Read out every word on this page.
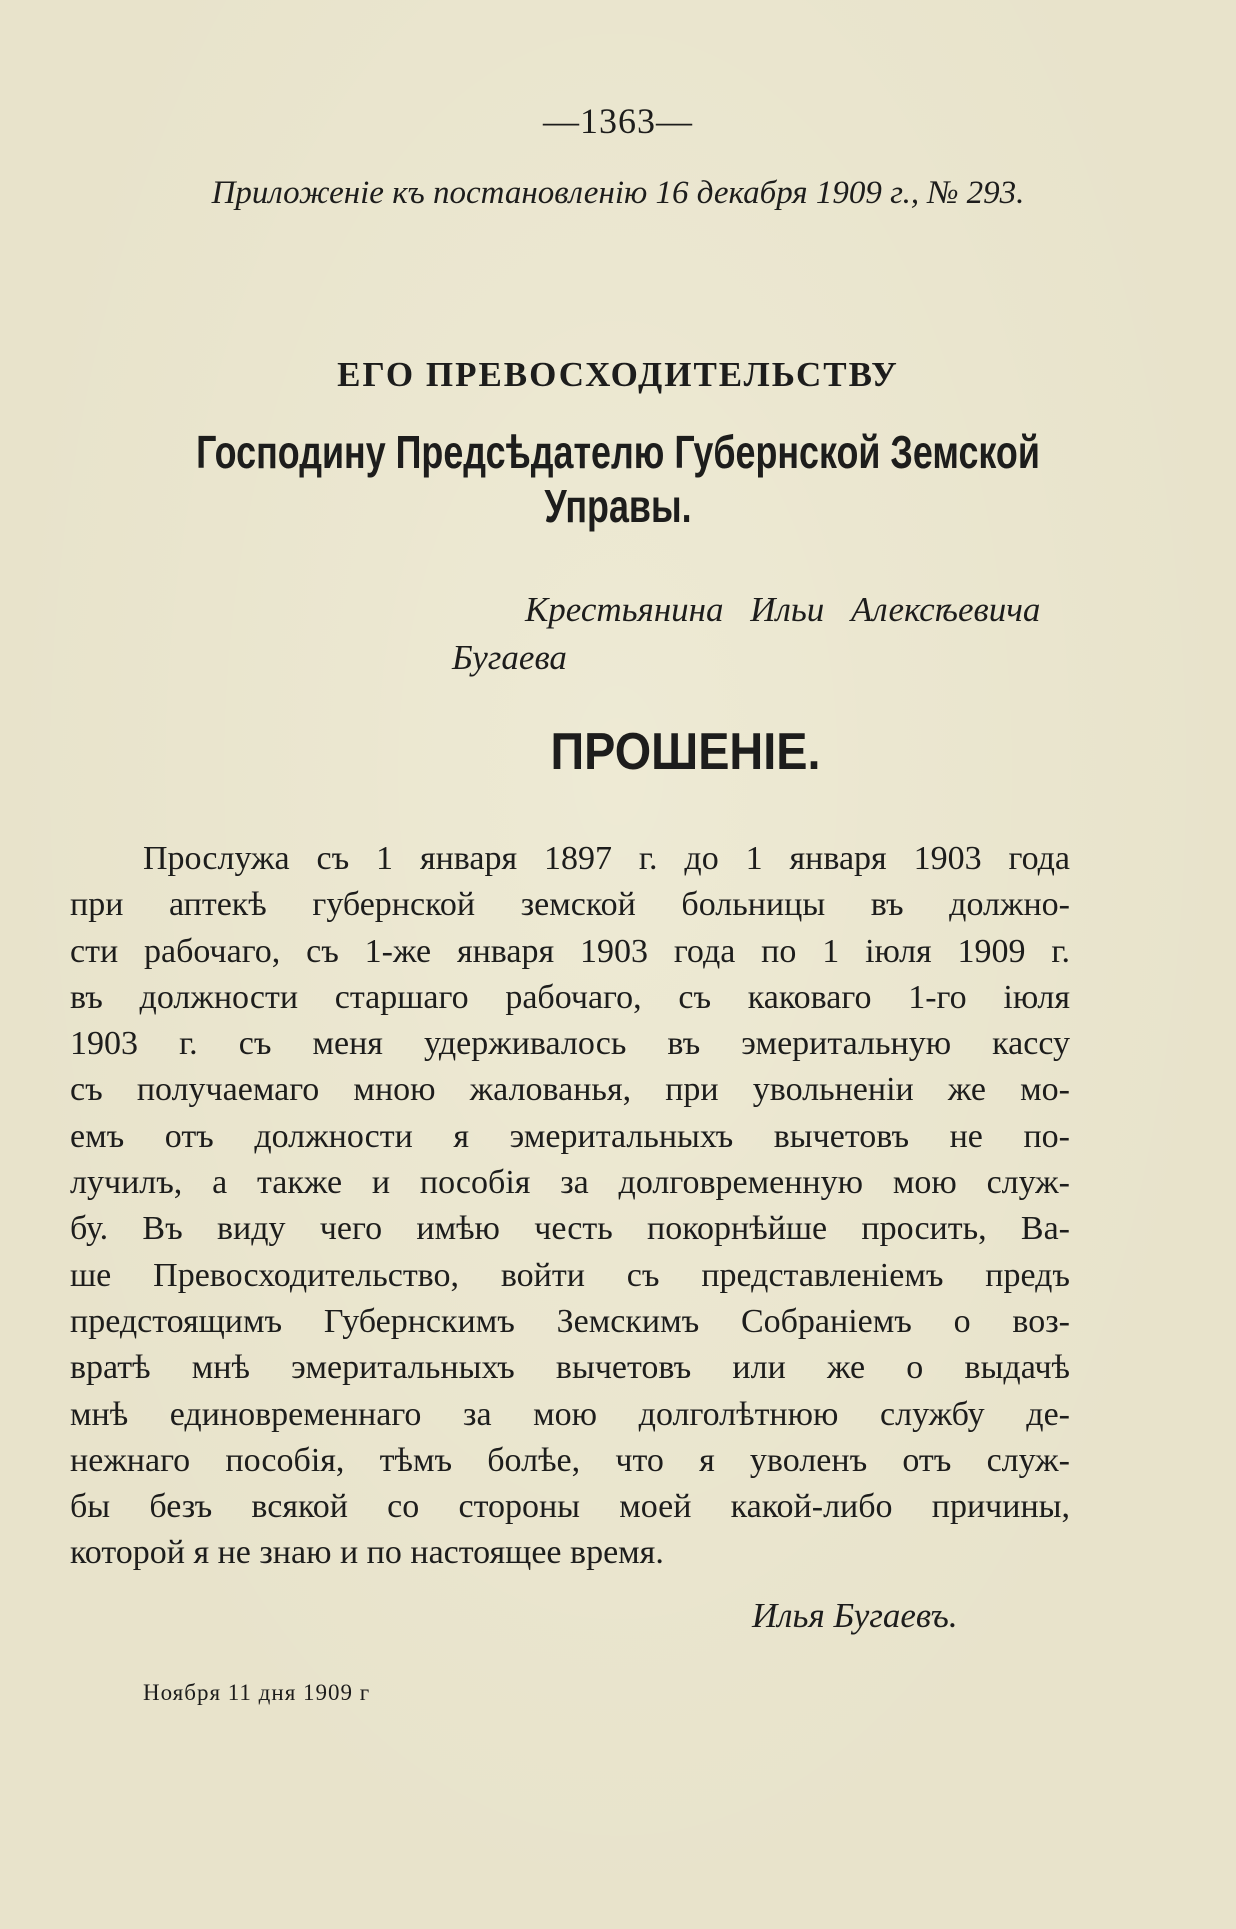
—1363—
Приложеніе къ постановленію 16 декабря 1909 г., № 293.
ЕГО ПРЕВОСХОДИТЕЛЬСТВУ
Господину Предсѣдателю Губернской Земской Управы.
Крестьянина Ильи Алексѣевича
Бугаева
ПРОШЕНІЕ.
Прослужа съ 1 января 1897 г. до 1 января 1903 года
при аптекѣ губернской земской больницы въ должно-
сти рабочаго, съ 1-же января 1903 года по 1 іюля 1909 г.
въ должности старшаго рабочаго, съ каковаго 1-го іюля
1903 г. съ меня удерживалось въ эмеритальную кассу
съ получаемаго мною жалованья, при увольненіи же мо-
емъ отъ должности я эмеритальныхъ вычетовъ не по-
лучилъ, а также и пособія за долговременную мою служ-
бу. Въ виду чего имѣю честь покорнѣйше просить, Ва-
ше Превосходительство, войти съ представленіемъ предъ
предстоящимъ Губернскимъ Земскимъ Собраніемъ о воз-
вратѣ мнѣ эмеритальныхъ вычетовъ или же о выдачѣ
мнѣ единовременнаго за мою долголѣтнюю службу де-
нежнаго пособія, тѣмъ болѣе, что я уволенъ отъ служ-
бы безъ всякой со стороны моей какой-либо причины,
которой я не знаю и по настоящее время.
Илья Бугаевъ.
Ноября 11 дня 1909 г
